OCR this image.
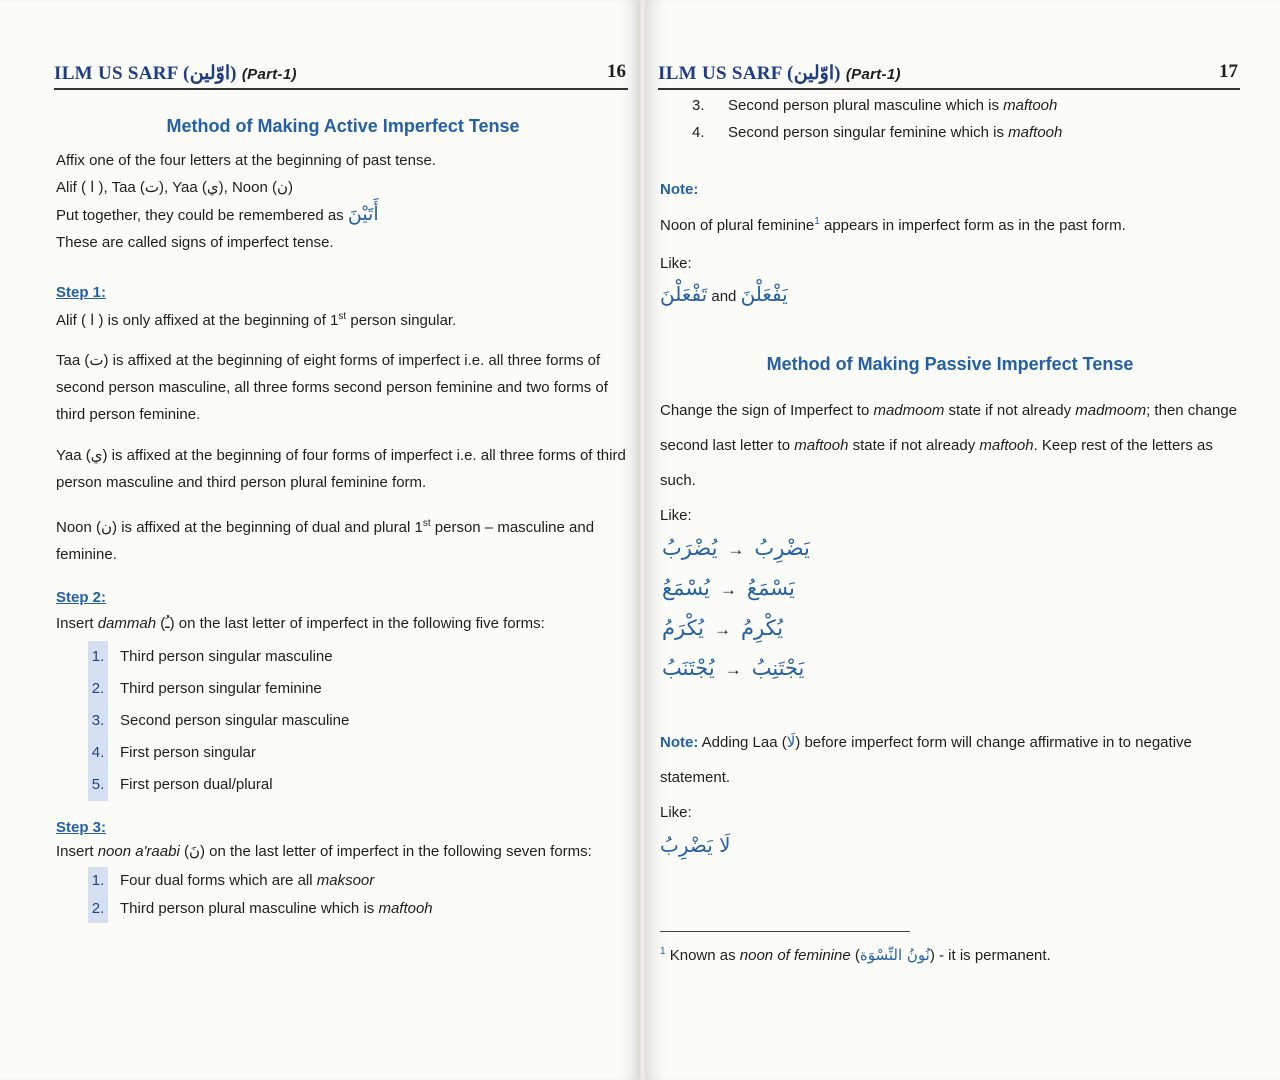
ILM US SARF (اوّلین) (Part-1)	16
Method of Making Active Imperfect Tense

Affix one of the four letters at the beginning of past tense.

Alif ( ا ), Taa (ت), Yaa (ي), Noon (ن)

Put together, they could be remembered as أَتَيْنَ

These are called signs of imperfect tense.

Step 1:

Alif ( ا ) is only affixed at the beginning of 1st person singular.

Taa (ت) is affixed at the beginning of eight forms of imperfect i.e. all three forms of second person masculine, all three forms second person feminine and two forms of third person feminine.

Yaa (ي) is affixed at the beginning of four forms of imperfect i.e. all three forms of third person masculine and third person plural feminine form.

Noon (ن) is affixed at the beginning of dual and plural 1st person – masculine and feminine.

Step 2:

Insert dammah (ـُ) on the last letter of imperfect in the following five forms:

1. Third person singular masculine
2. Third person singular feminine
3. Second person singular masculine
4. First person singular
5. First person dual/plural
Step 3:

Insert noon a'raabi (نَ) on the last letter of imperfect in the following seven forms:

1. Four dual forms which are all maksoor
2. Third person plural masculine which is maftooh
ILM US SARF (اوّلین) (Part-1)	17

3. Second person plural masculine which is maftooh

4. Second person singular feminine which is maftooh

Note:

Noon of plural feminine$^1$ appears in imperfect form as in the past form.

Like:

تَفْعَلْنَ and يَفْعَلْنَ

Method of Making Passive Imperfect Tense

Change the sign of Imperfect to madmoom state if not already madmoom; then change second last letter to maftooh state if not already maftooh. Keep rest of the letters as such.

Like:

يَضْرِبُ→يُضْرَبُ
يَسْمَعُ→يُسْمَعُ
يُكْرِمُ→يُكْرَمُ
يَجْتَنِبُ→يُجْتَنَبُ

Note: Adding Laa (لَا) before imperfect form will change affirmative in to negative statement.

Like:

لَا يَضْرِبُ

$^1$ Known as noon of feminine (نُونُ النِّسْوَة) - it is permanent.
